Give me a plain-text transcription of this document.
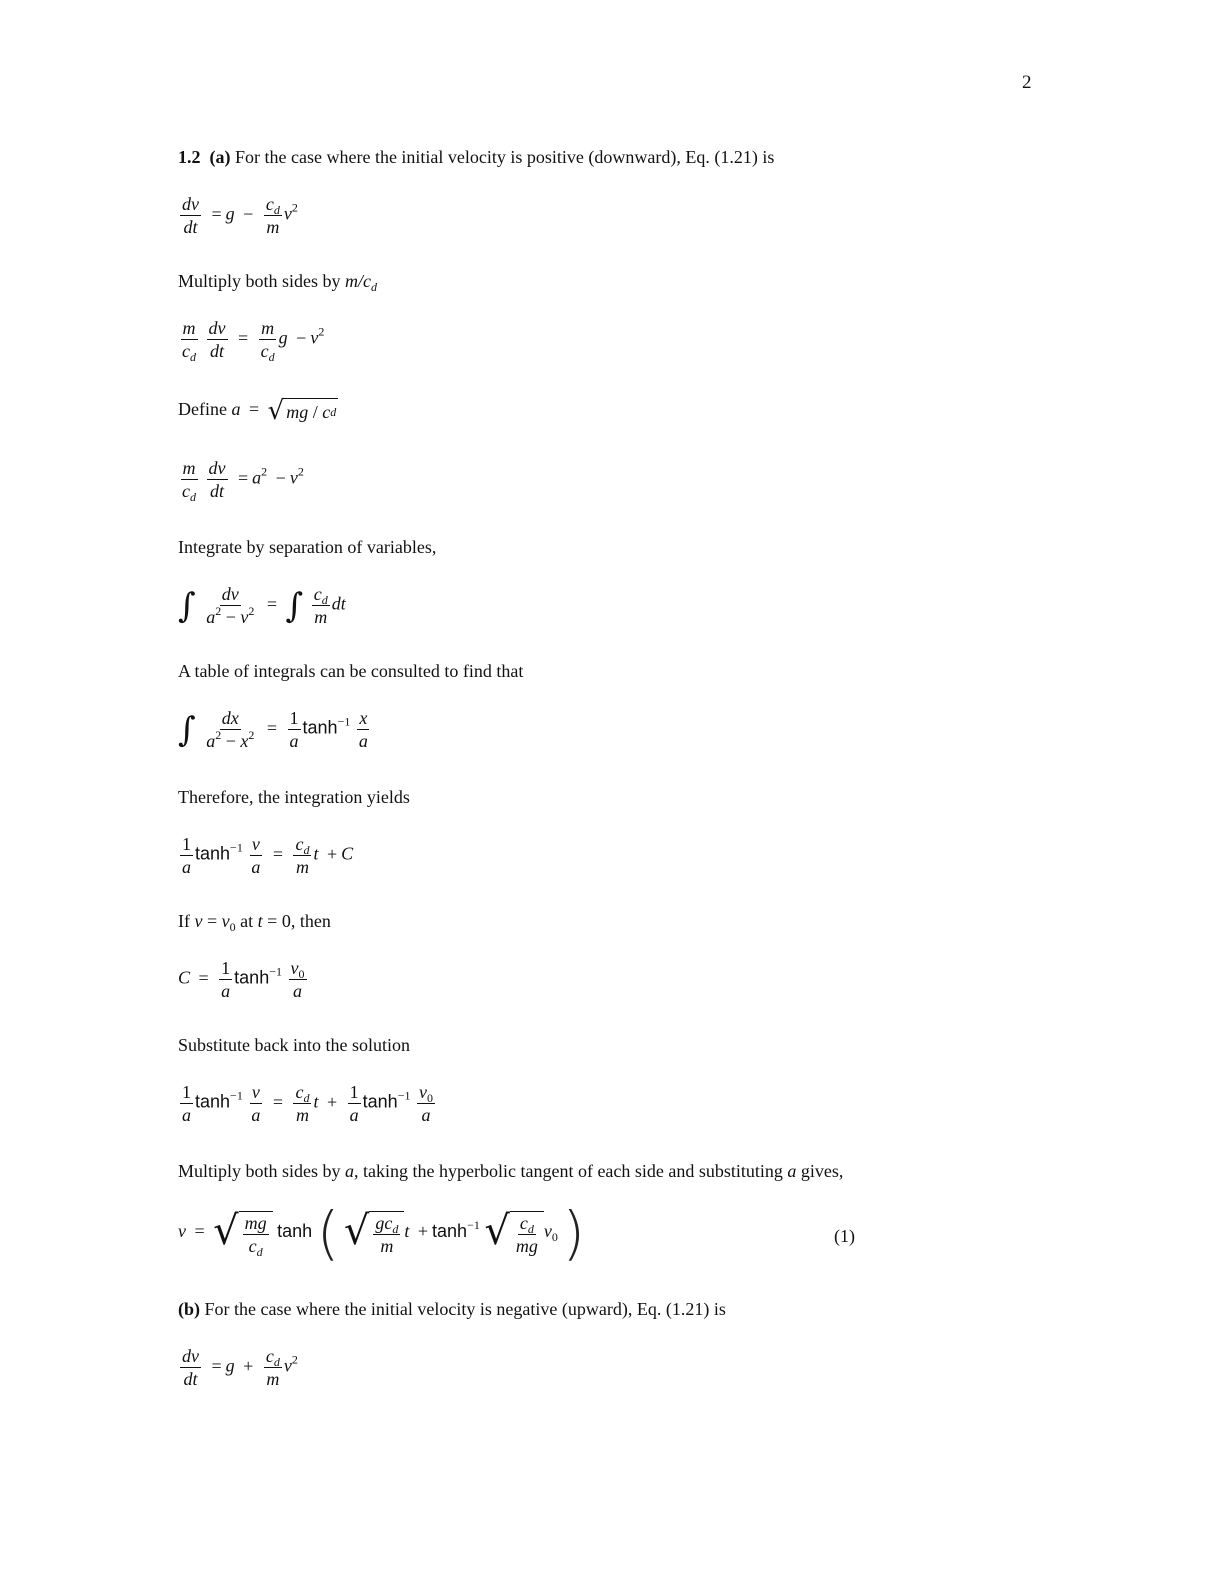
2
1.2 (a) For the case where the initial velocity is positive (downward), Eq. (1.21) is
$\frac{dv}{dt} = g - \frac{c_d}{m} v^2$
Multiply both sides by $m/c_d$
$\frac{m}{c_d}$
$\frac{dv}{dt} = \frac{m}{c_d}$ $g - v^2$
Define a = √ mg
/
c d
$\frac{m}{c_d}$
$\frac{dv}{dt} = a^2 - v^2$
Integrate by separation of variables,
∫ $\frac{dv}{a^2 - v^2}$ = ∫ $\frac{c_d}{m}$ dt
A table of integrals can be consulted to find that
∫ $\frac{dx}{a^2 - x^2} = \frac{1}{a} \tanh^{-1} \frac{x}{a}$
Therefore, the integration yields
$\frac{1}{a} \tanh^{-1} \frac{v}{a} = \frac{c_d}{m}$ t + C
If $v = v_0$ at t = 0, then
$C = \frac{1}{a} \tanh^{-1} \frac{v_0}{a}$
Substitute back into the solution
$\frac{1}{a} \tanh^{-1} \frac{v}{a} = \frac{c_d}{m}$ $t + \frac{1}{a} \tanh^{-1} \frac{v_0}{a}$
Multiply both sides by a, taking the hyperbolic tangent of each side and substituting a gives,
v = √ $\frac{mg}{c_d}$ tanh ( √ $\frac{gc_d}{m}$ $t + \tanh^{-1}$ √ $\frac{c_d}{mg} v_0$ )	(1)
(b) For the case where the initial velocity is negative (upward), Eq. (1.21) is
$\frac{dv}{dt} = g + \frac{c_d}{m} v^2$
